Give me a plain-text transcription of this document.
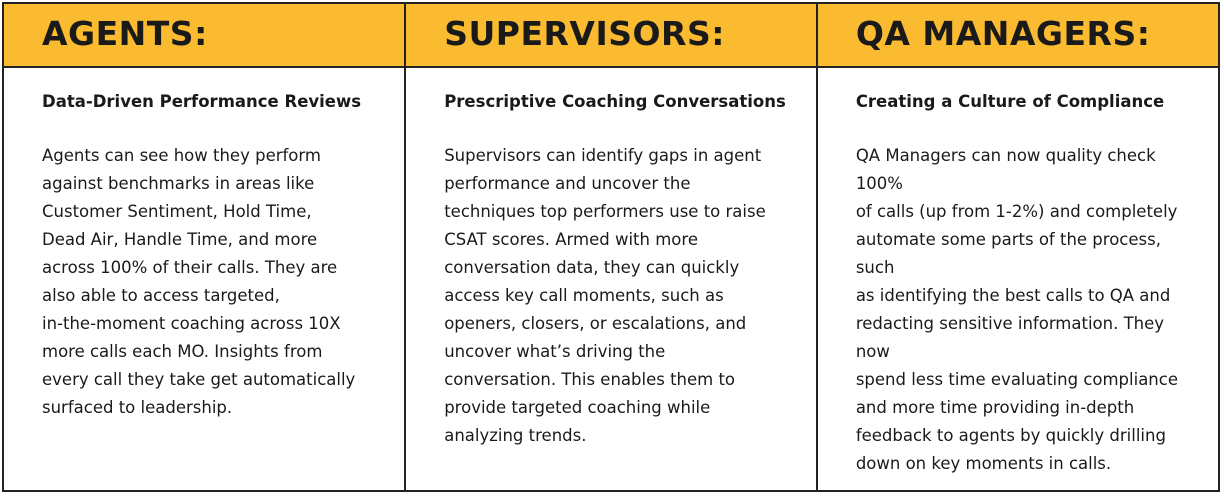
AGENTS:
Data-Driven Performance Reviews
Agents can see how they perform
against benchmarks in areas like
Customer Sentiment, Hold Time,
Dead Air, Handle Time, and more
across 100% of their calls. They are
also able to access targeted,
in-the-moment coaching across 10X
more calls each MO. Insights from
every call they take get automatically
surfaced to leadership.
SUPERVISORS:
Prescriptive Coaching Conversations
Supervisors can identify gaps in agent
performance and uncover the
techniques top performers use to raise
CSAT scores. Armed with more
conversation data, they can quickly
access key call moments, such as
openers, closers, or escalations, and
uncover what’s driving the
conversation. This enables them to
provide targeted coaching while
analyzing trends.
QA MANAGERS:
Creating a Culture of Compliance
QA Managers can now quality check 100%
of calls (up from 1-2%) and completely
automate some parts of the process, such
as identifying the best calls to QA and
redacting sensitive information. They now
spend less time evaluating compliance
and more time providing in-depth
feedback to agents by quickly drilling
down on key moments in calls.
